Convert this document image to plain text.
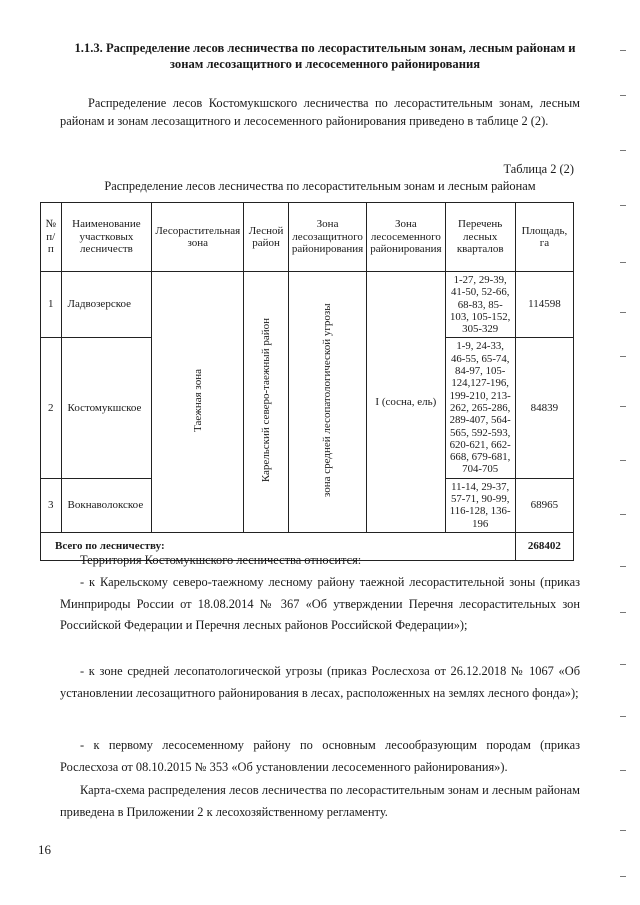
1.1.3. Распределение лесов лесничества по лесорастительным зонам, лесным районам и зонам лесозащитного и лесосеменного районирования
Распределение лесов Костомукшского лесничества по лесорастительным зонам, лесным районам и зонам лесозащитного и лесосеменного районирования приведено в таблице 2 (2).
Таблица 2 (2)
Распределение лесов лесничества по лесорастительным зонам и лесным районам
№ п/п	Наименование участковых лесничеств	Лесорастительная зона	Лесной район	Зона лесозащитного районирования	Зона лесосеменного районирования	Перечень лесных кварталов	Площадь, га
1	Ладвозерское	Таежная зона	Карельский северо-таежный район	зона средней лесопатологической угрозы	I (сосна, ель)	1-27, 29-39, 41-50, 52-66, 68-83, 85-103, 105-152, 305-329	114598
2	Костомукшское					1-9, 24-33, 46-55, 65-74, 84-97, 105-124,127-196, 199-210, 213-262, 265-286, 289-407, 564-565, 592-593, 620-621, 662-668, 679-681, 704-705	84839
3	Вокнаволокское					11-14, 29-37, 57-71, 90-99, 116-128, 136-196	68965
Всего по лесничеству:							268402
Территория Костомукшского лесничества относится:
- к Карельскому северо-таежному лесному району таежной лесорастительной зоны (приказ Минприроды России от 18.08.2014 № 367 «Об утверждении Перечня лесорастительных зон Российской Федерации и Перечня лесных районов Российской Федерации»);
- к зоне средней лесопатологической угрозы (приказ Рослесхоза от 26.12.2018 № 1067 «Об установлении лесозащитного районирования в лесах, расположенных на землях лесного фонда»);
- к первому лесосеменному району по основным лесообразующим породам (приказ Рослесхоза от 08.10.2015 № 353 «Об установлении лесосеменного районирования»).
Карта-схема распределения лесов лесничества по лесорастительным зонам и лесным районам приведена в Приложении 2 к лесохозяйственному регламенту.
16
